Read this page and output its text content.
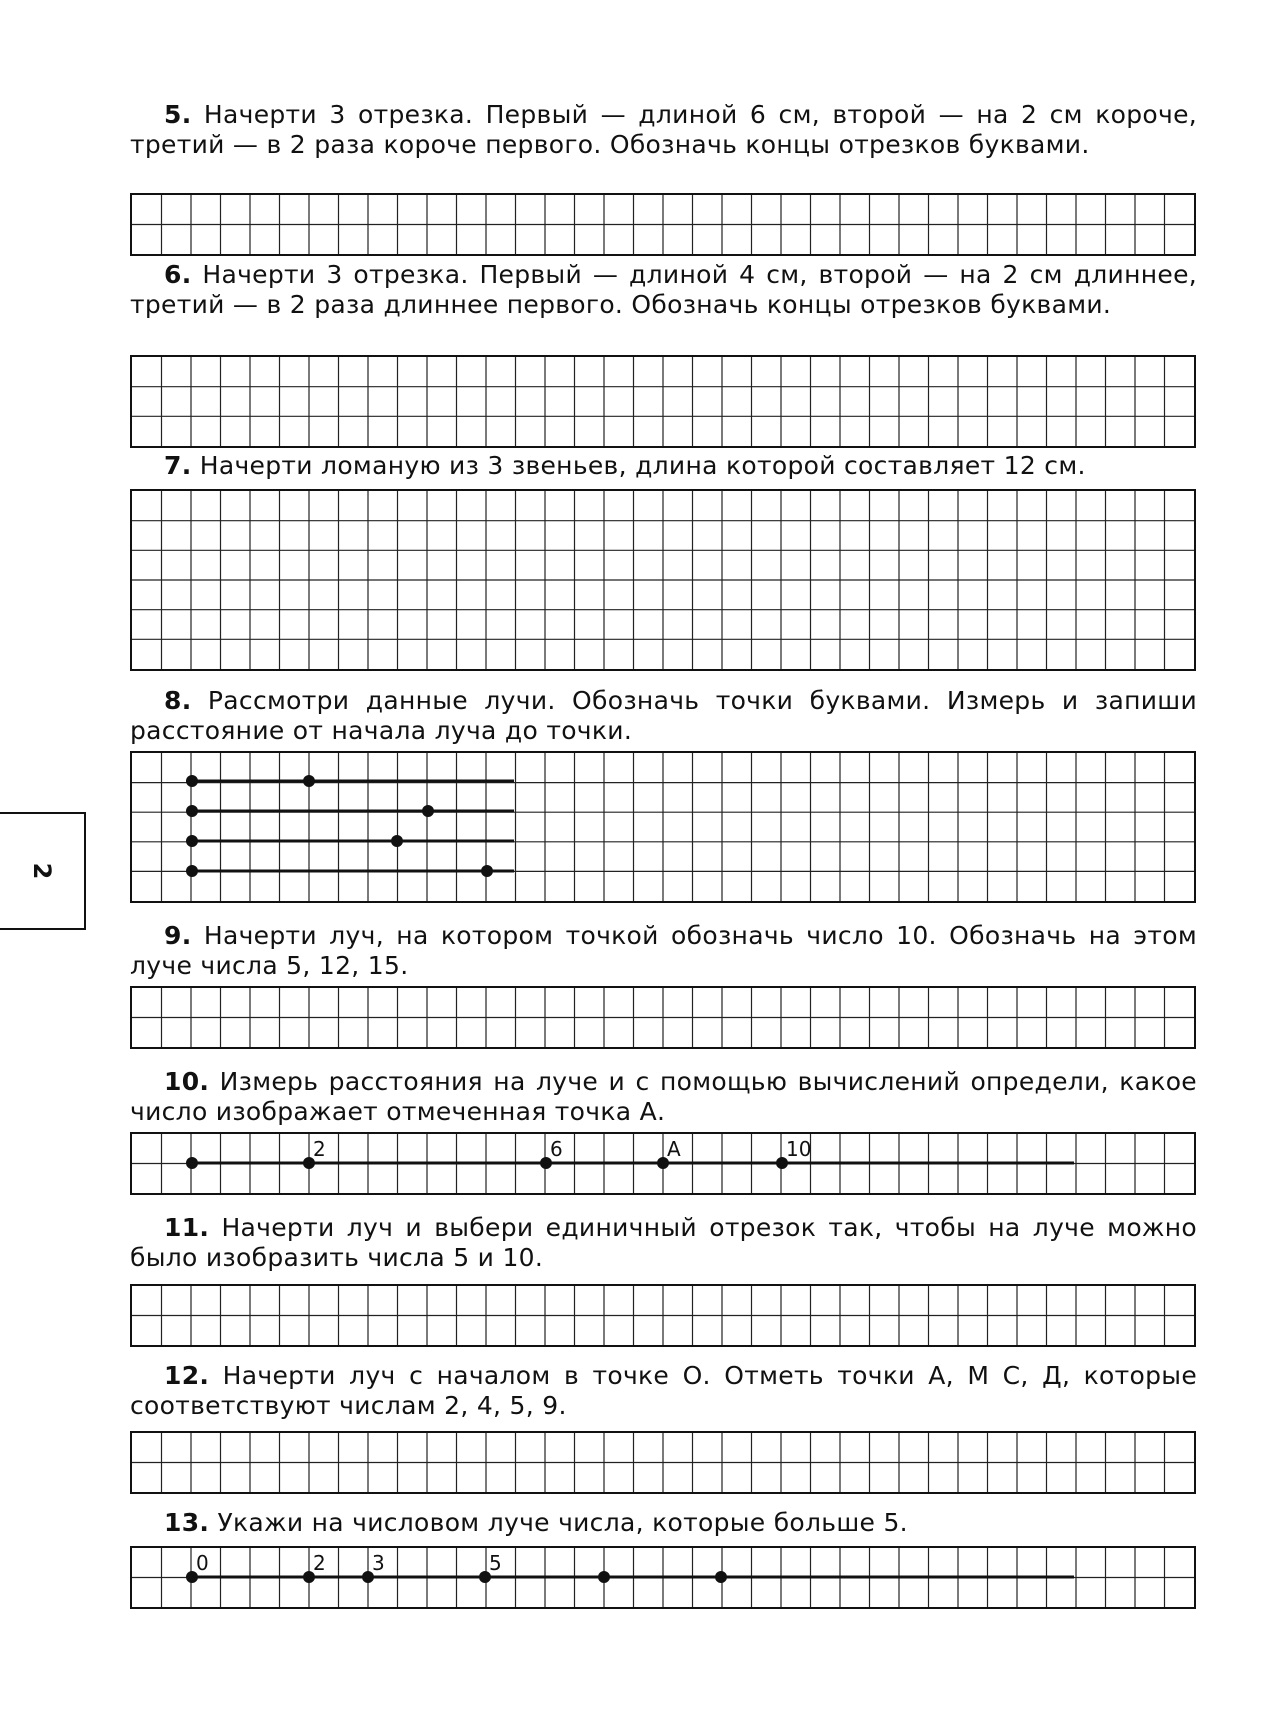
5. Начерти 3 отрезка. Первый — длиной 6 см, второй — на 2 см короче, третий — в 2 раза короче первого. Обозначь концы отрезков буквами.
6. Начерти 3 отрезка. Первый — длиной 4 см, второй — на 2 см длиннее, третий — в 2 раза длиннее первого. Обозначь концы отрезков буквами.
7. Начерти ломаную из 3 звеньев, длина которой составляет 12 см.
8. Рассмотри данные лучи. Обозначь точки буквами. Измерь и запиши расстояние от начала луча до точки.
2
9. Начерти луч, на котором точкой обозначь число 10. Обозначь на этом луче числа 5, 12, 15.
10. Измерь расстояния на луче и с помощью вычислений определи, какое число изображает отмеченная точка А.
2	6	А	10
11. Начерти луч и выбери единичный отрезок так, чтобы на луче можно было изобразить числа 5 и 10.
12. Начерти луч с началом в точке О. Отметь точки А, М С, Д, которые соответствуют числам 2, 4, 5, 9.
13. Укажи на числовом луче числа, которые больше 5.
0	2 3	5
